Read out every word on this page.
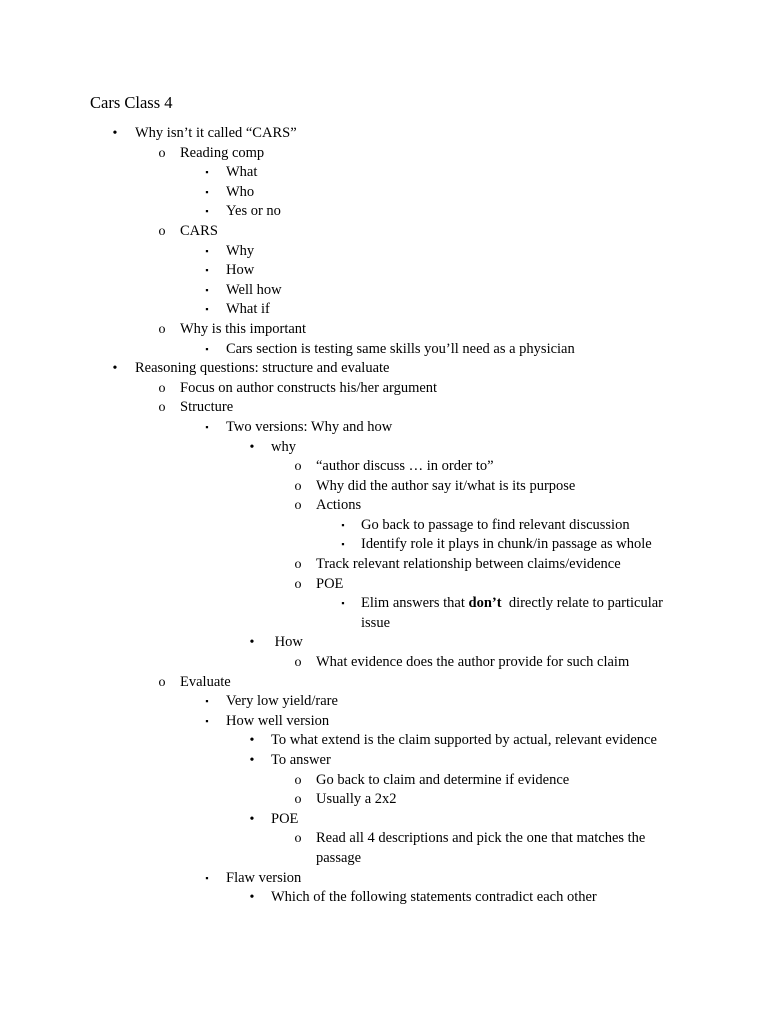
Cars Class 4
•	Why isn’t it called “CARS”
o Reading comp
▪	What
▪	Who
▪	Yes or no
o CARS
▪	Why
▪	How
▪	Well how
▪	What if
o Why is this important
▪	Cars section is testing same skills you’ll need as a physician
•	Reasoning questions: structure and evaluate
o Focus on author constructs his/her argument
o Structure
▪	Two versions: Why and how
•	why
o “author discuss … in order to”
o Why did the author say it/what is its purpose
o Actions
▪	Go back to passage to find relevant discussion
▪	Identify role it plays in chunk/in passage as whole
o Track relevant relationship between claims/evidence
o POE
▪	Elim answers that don’t  directly relate to particular issue
•	How
o What evidence does the author provide for such claim
o Evaluate
▪	Very low yield/rare
▪	How well version
•	To what extend is the claim supported by actual, relevant evidence
•	To answer
o Go back to claim and determine if evidence
o Usually a 2x2
•	POE
o Read all 4 descriptions and pick the one that matches the passage
▪	Flaw version
•	Which of the following statements contradict each other
